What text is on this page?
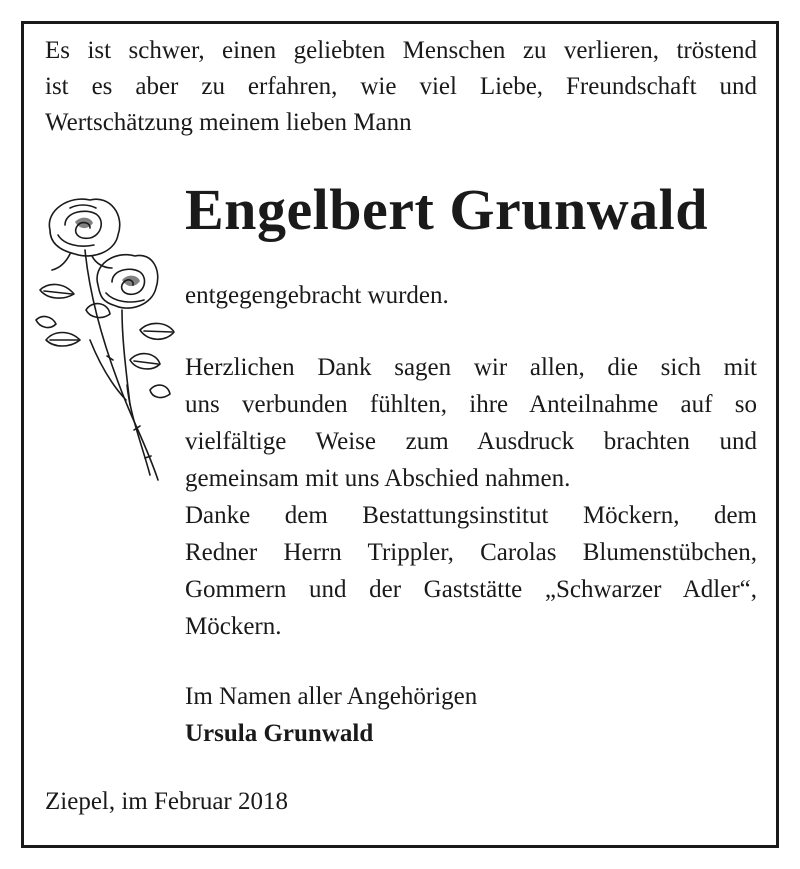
Es ist schwer, einen geliebten Menschen zu verlieren, tröstend
ist es aber zu erfahren, wie viel Liebe, Freundschaft und
Wertschätzung meinem lieben Mann
Engelbert Grunwald
entgegengebracht wurden.
Herzlichen Dank sagen wir allen, die sich mit
uns verbunden fühlten, ihre Anteilnahme auf so
vielfältige Weise zum Ausdruck brachten und
gemeinsam mit uns Abschied nahmen.
Danke dem Bestattungsinstitut Möckern, dem
Redner Herrn Trippler, Carolas Blumenstübchen,
Gommern und der Gaststätte „Schwarzer Adler“,
Möckern.
Im Namen aller Angehörigen
Ursula Grunwald
Ziepel, im Februar 2018
